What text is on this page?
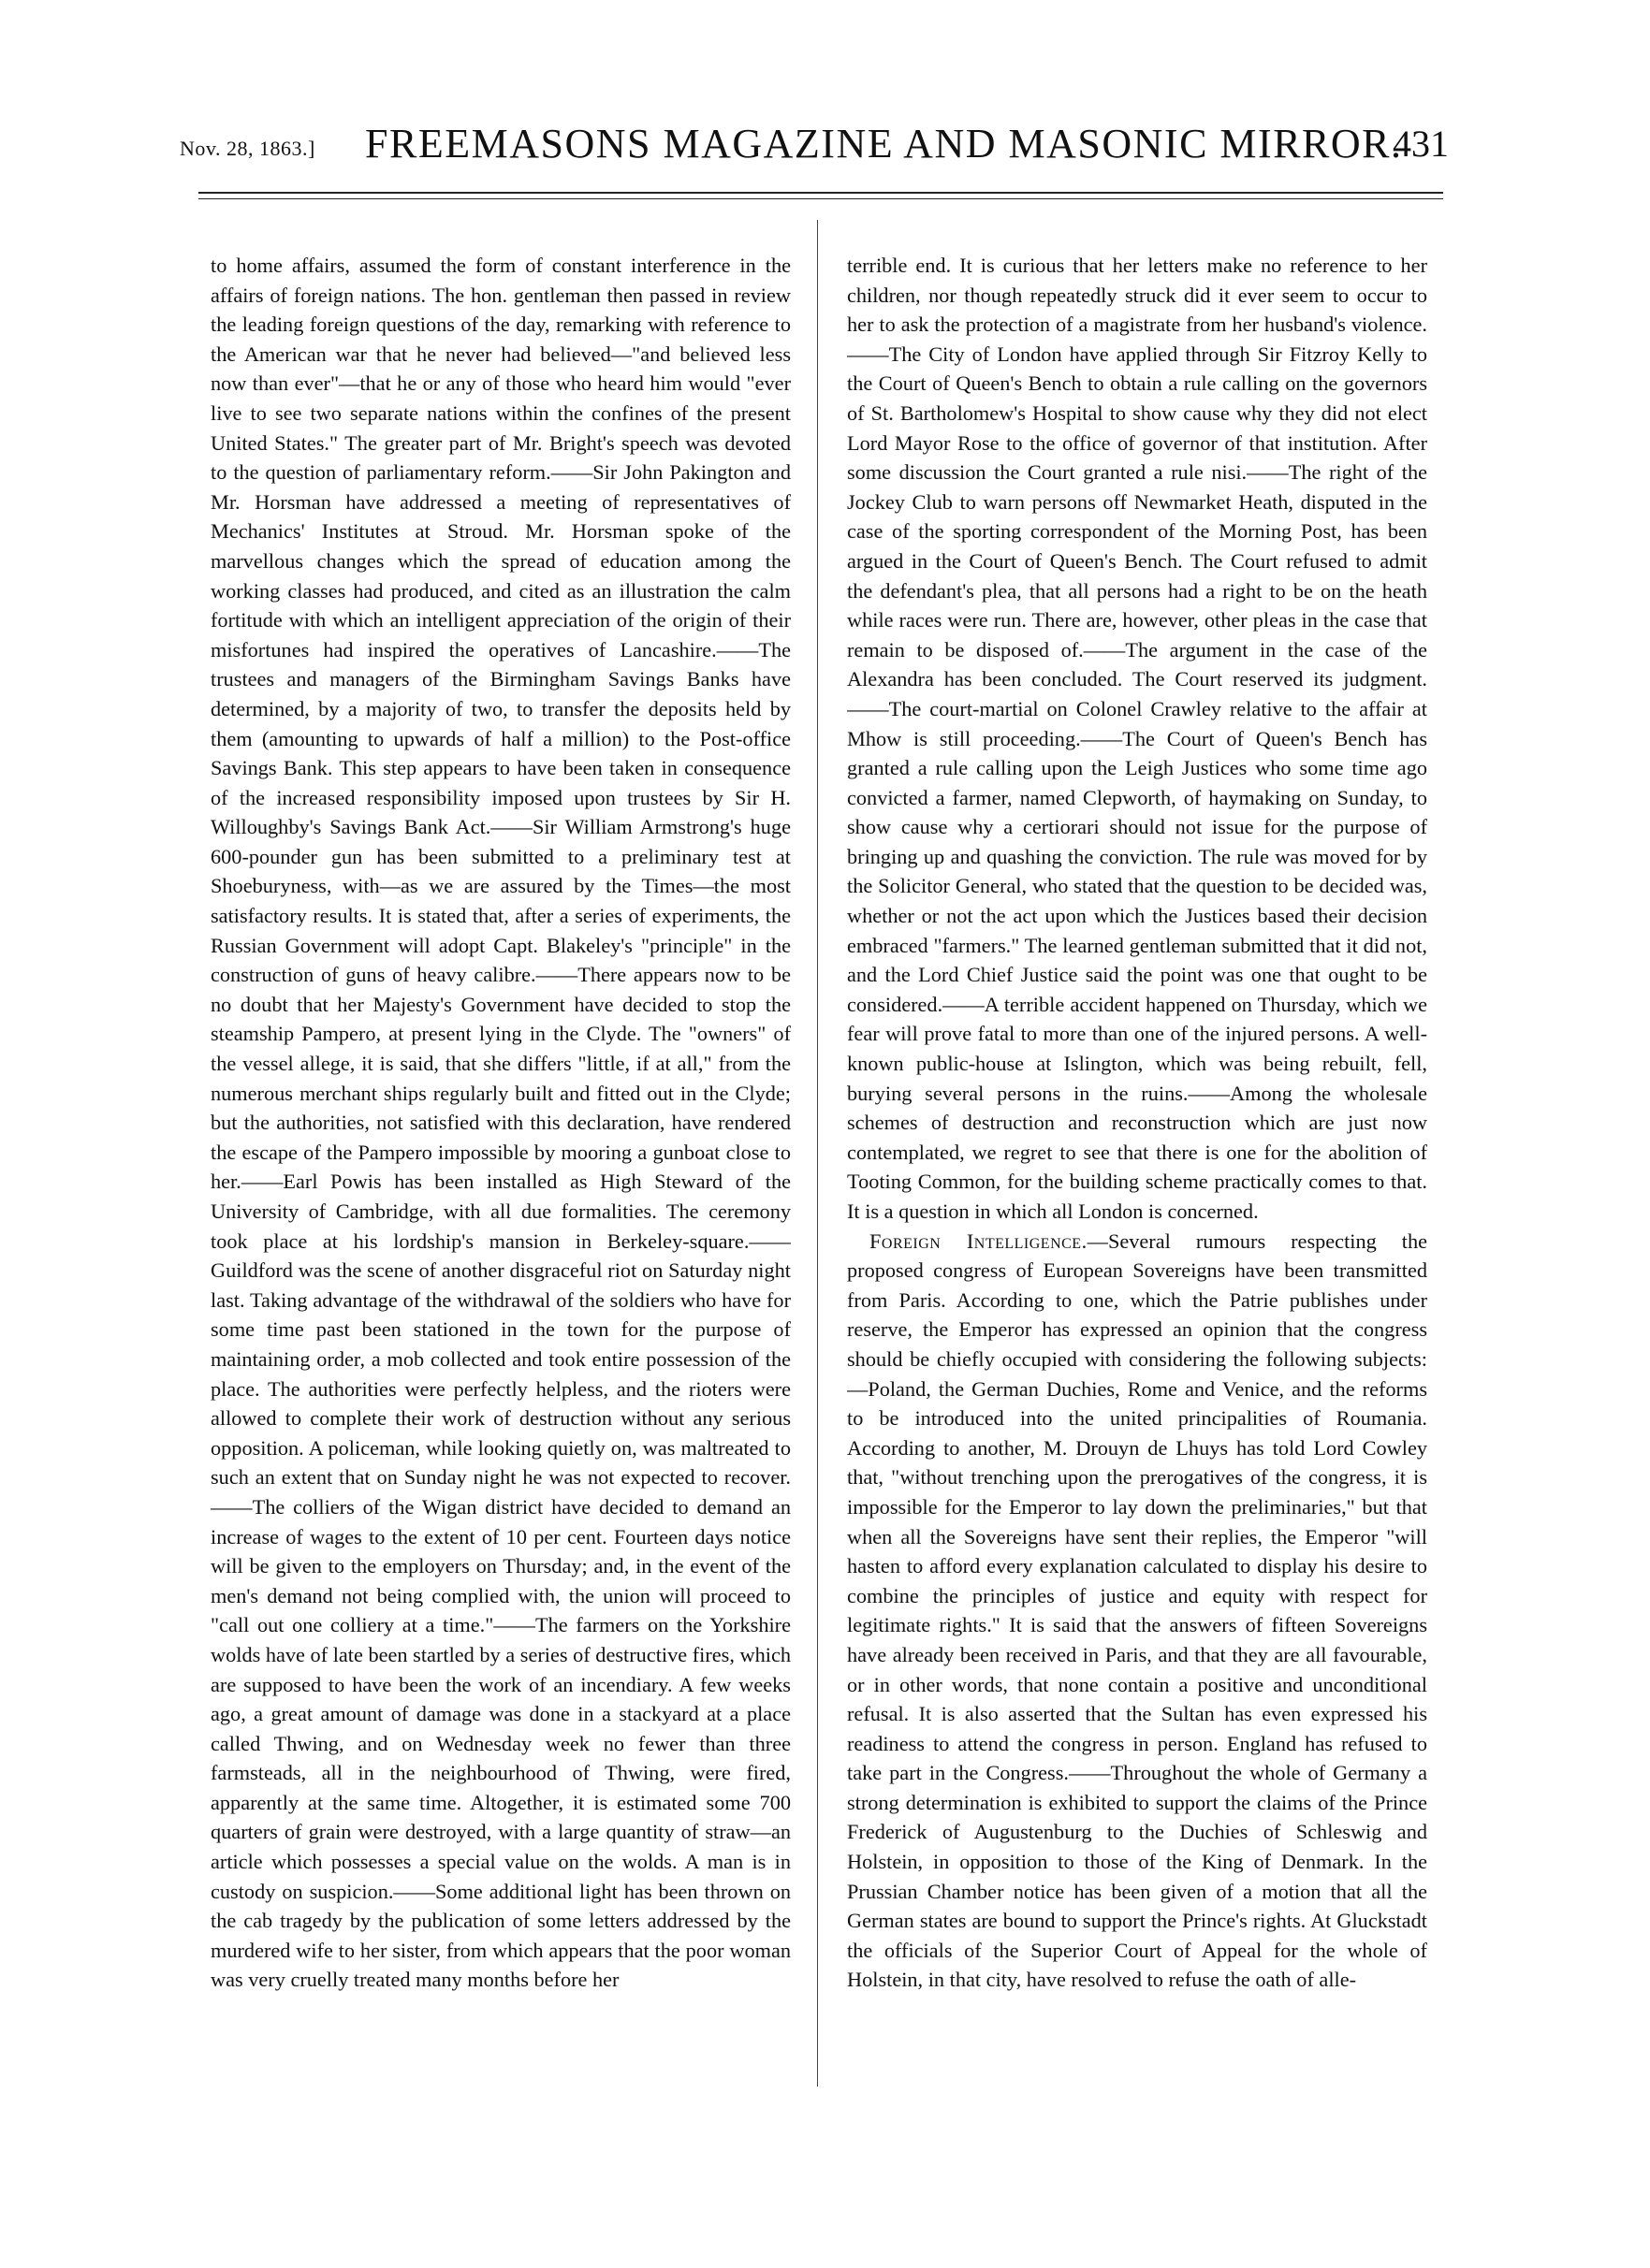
Nov. 28, 1863.] FREEMASONS MAGAZINE AND MASONIC MIRROR.
431

to home affairs, assumed the form of constant interference in the affairs of foreign nations. The hon. gentleman then passed in review the leading foreign questions of the day, remarking with reference to the American war that he never had believed—"and believed less now than ever"—that he or any of those who heard him would "ever live to see two separate nations within the confines of the present United States." The greater part of Mr. Bright's speech was devoted to the question of parliamentary reform.——Sir John Pakington and Mr. Horsman have addressed a meeting of representatives of Mechanics' Institutes at Stroud. Mr. Horsman spoke of the marvellous changes which the spread of education among the working classes had produced, and cited as an illustration the calm fortitude with which an intelligent appreciation of the origin of their misfortunes had inspired the operatives of Lancashire.——The trustees and managers of the Birmingham Savings Banks have determined, by a majority of two, to transfer the deposits held by them (amounting to upwards of half a million) to the Post-office Savings Bank. This step appears to have been taken in consequence of the increased responsibility imposed upon trustees by Sir H. Willoughby's Savings Bank Act.——Sir William Armstrong's huge 600-pounder gun has been submitted to a preliminary test at Shoeburyness, with—as we are assured by the Times—the most satisfactory results. It is stated that, after a series of experiments, the Russian Government will adopt Capt. Blakeley's "principle" in the construction of guns of heavy calibre.——There appears now to be no doubt that her Majesty's Government have decided to stop the steamship Pampero, at present lying in the Clyde. The "owners" of the vessel allege, it is said, that she differs "little, if at all," from the numerous merchant ships regularly built and fitted out in the Clyde; but the authorities, not satisfied with this declaration, have rendered the escape of the Pampero impossible by mooring a gunboat close to her.——Earl Powis has been installed as High Steward of the University of Cambridge, with all due formalities. The ceremony took place at his lordship's mansion in Berkeley-square.——Guildford was the scene of another disgraceful riot on Saturday night last. Taking advantage of the withdrawal of the soldiers who have for some time past been stationed in the town for the purpose of maintaining order, a mob collected and took entire possession of the place. The authorities were perfectly helpless, and the rioters were allowed to complete their work of destruction without any serious opposition. A policeman, while looking quietly on, was maltreated to such an extent that on Sunday night he was not expected to recover.——The colliers of the Wigan district have decided to demand an increase of wages to the extent of 10 per cent. Fourteen days notice will be given to the employers on Thursday; and, in the event of the men's demand not being complied with, the union will proceed to "call out one colliery at a time."——The farmers on the Yorkshire wolds have of late been startled by a series of destructive fires, which are supposed to have been the work of an incendiary. A few weeks ago, a great amount of damage was done in a stackyard at a place called Thwing, and on Wednesday week no fewer than three farmsteads, all in the neighbourhood of Thwing, were fired, apparently at the same time. Altogether, it is estimated some 700 quarters of grain were destroyed, with a large quantity of straw—an article which possesses a special value on the wolds. A man is in custody on suspicion.——Some additional light has been thrown on the cab tragedy by the publication of some letters addressed by the murdered wife to her sister, from which appears that the poor woman was very cruelly treated many months before her

terrible end. It is curious that her letters make no reference to her children, nor though repeatedly struck did it ever seem to occur to her to ask the protection of a magistrate from her husband's violence.——The City of London have applied through Sir Fitzroy Kelly to the Court of Queen's Bench to obtain a rule calling on the governors of St. Bartholomew's Hospital to show cause why they did not elect Lord Mayor Rose to the office of governor of that institution. After some discussion the Court granted a rule nisi.——The right of the Jockey Club to warn persons off Newmarket Heath, disputed in the case of the sporting correspondent of the Morning Post, has been argued in the Court of Queen's Bench. The Court refused to admit the defendant's plea, that all persons had a right to be on the heath while races were run. There are, however, other pleas in the case that remain to be disposed of.——The argument in the case of the Alexandra has been concluded. The Court reserved its judgment.——The court-martial on Colonel Crawley relative to the affair at Mhow is still proceeding.——The Court of Queen's Bench has granted a rule calling upon the Leigh Justices who some time ago convicted a farmer, named Clepworth, of haymaking on Sunday, to show cause why a certiorari should not issue for the purpose of bringing up and quashing the conviction. The rule was moved for by the Solicitor General, who stated that the question to be decided was, whether or not the act upon which the Justices based their decision embraced "farmers." The learned gentleman submitted that it did not, and the Lord Chief Justice said the point was one that ought to be considered.——A terrible accident happened on Thursday, which we fear will prove fatal to more than one of the injured persons. A well-known public-house at Islington, which was being rebuilt, fell, burying several persons in the ruins.——Among the wholesale schemes of destruction and reconstruction which are just now contemplated, we regret to see that there is one for the abolition of Tooting Common, for the building scheme practically comes to that. It is a question in which all London is concerned.

Foreign Intelligence.—Several rumours respecting the proposed congress of European Sovereigns have been transmitted from Paris. According to one, which the Patrie publishes under reserve, the Emperor has expressed an opinion that the congress should be chiefly occupied with considering the following subjects:—Poland, the German Duchies, Rome and Venice, and the reforms to be introduced into the united principalities of Roumania. According to another, M. Drouyn de Lhuys has told Lord Cowley that, "without trenching upon the prerogatives of the congress, it is impossible for the Emperor to lay down the preliminaries," but that when all the Sovereigns have sent their replies, the Emperor "will hasten to afford every explanation calculated to display his desire to combine the principles of justice and equity with respect for legitimate rights." It is said that the answers of fifteen Sovereigns have already been received in Paris, and that they are all favourable, or in other words, that none contain a positive and unconditional refusal. It is also asserted that the Sultan has even expressed his readiness to attend the congress in person. England has refused to take part in the Congress.——Throughout the whole of Germany a strong determination is exhibited to support the claims of the Prince Frederick of Augustenburg to the Duchies of Schleswig and Holstein, in opposition to those of the King of Denmark. In the Prussian Chamber notice has been given of a motion that all the German states are bound to support the Prince's rights. At Gluckstadt the officials of the Superior Court of Appeal for the whole of Holstein, in that city, have resolved to refuse the oath of alle-
